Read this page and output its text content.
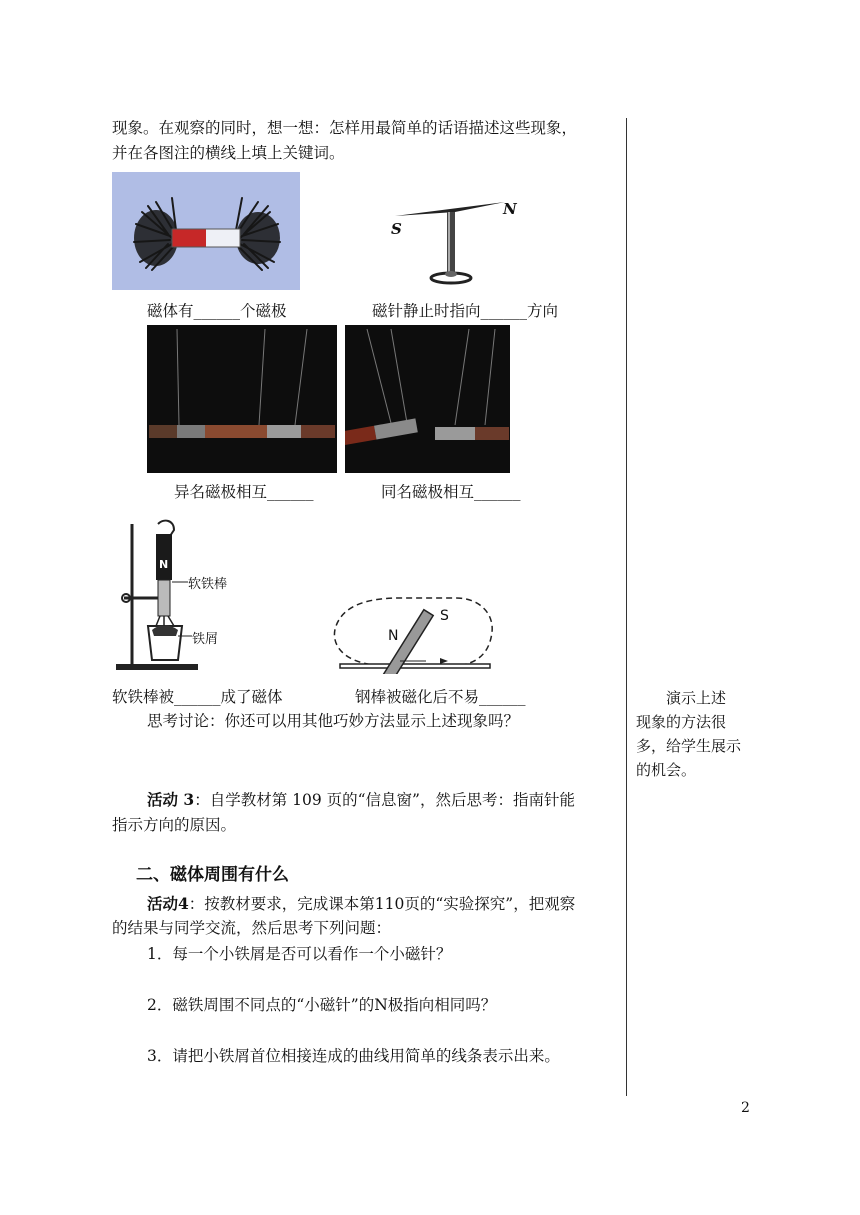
现象。在观察的同时，想一想：怎样用最简单的话语描述这些现象，
并在各图注的横线上填上关键词。
S
N
磁体有______个磁极	磁针静止时指向______方向
异名磁极相互______	同名磁极相互______
N
软铁棒
铁屑	N
S
软铁棒被______成了磁体	钢棒被磁化后不易______
思考讨论：你还可以用其他巧妙方法显示上述现象吗？
活动 3：自学教材第 109 页的“信息窗”，然后思考：指南针能
指示方向的原因。
二、磁体周围有什么
活动4：按教材要求，完成课本第110页的“实验探究”，把观察
的结果与同学交流，然后思考下列问题：
1．每一个小铁屑是否可以看作一个小磁针？
2．磁铁周围不同点的“小磁针”的N极指向相同吗？
3．请把小铁屑首位相接连成的曲线用简单的线条表示出来。
演示上述
现象的方法很
多，给学生展示
的机会。
2
